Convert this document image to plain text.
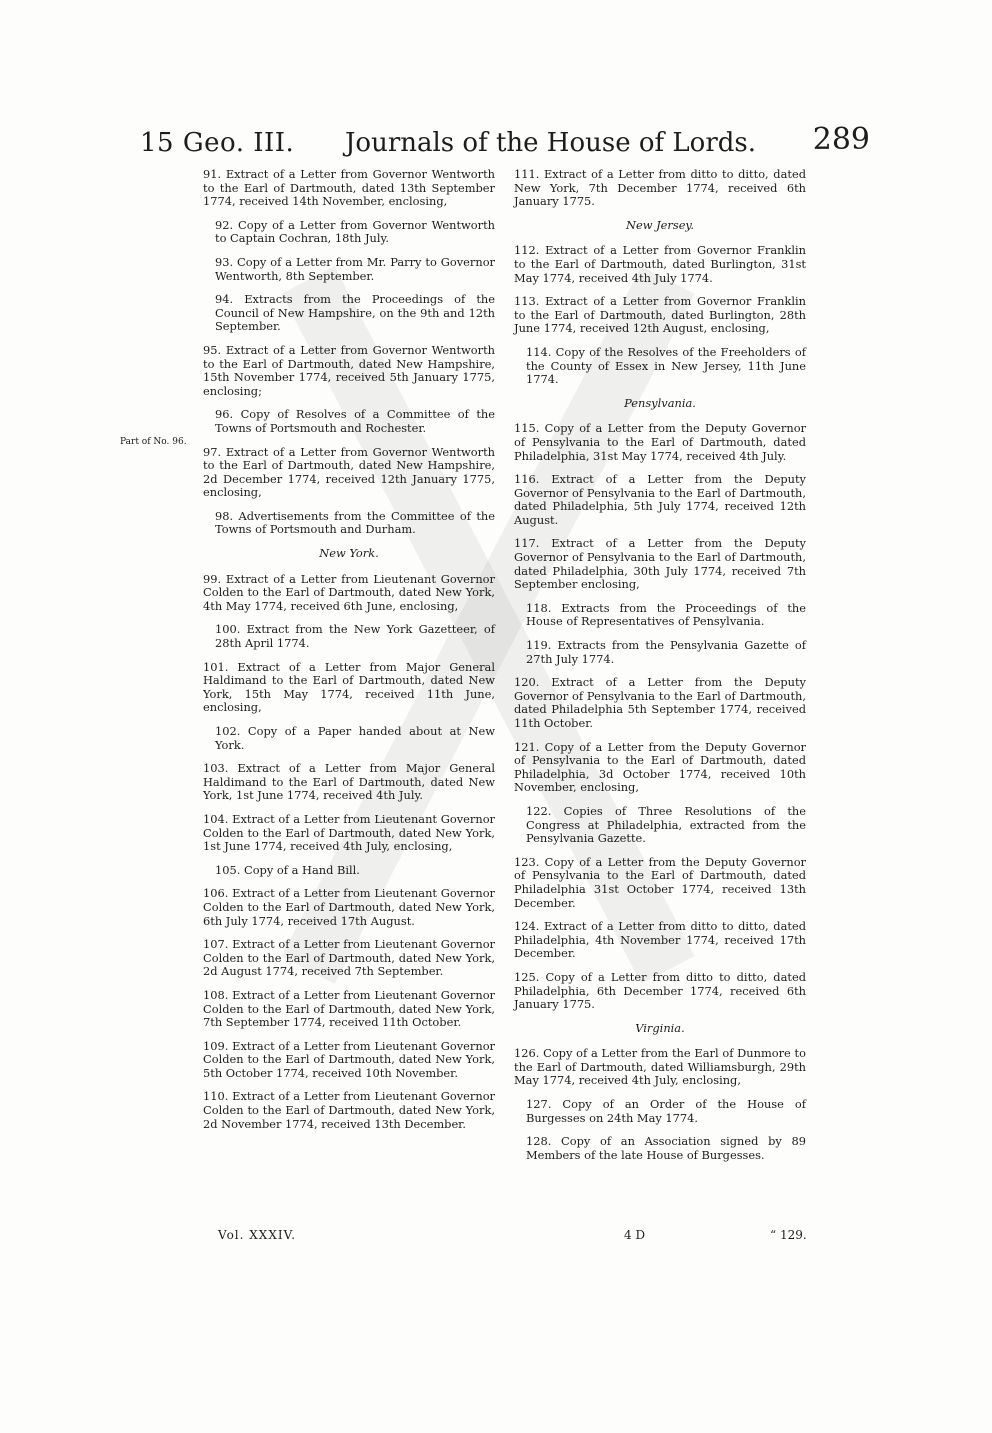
15 Geo. III. Journals of the House of Lords. 289
Part of No. 96.
91. Extract of a Letter from Governor Wentworth to the Earl of Dartmouth, dated 13th September 1774, received 14th November, enclosing,
92. Copy of a Letter from Governor Wentworth to Captain Cochran, 18th July.
93. Copy of a Letter from Mr. Parry to Governor Wentworth, 8th September.
94. Extracts from the Proceedings of the Council of New Hampshire, on the 9th and 12th September.
95. Extract of a Letter from Governor Wentworth to the Earl of Dartmouth, dated New Hampshire, 15th November 1774, received 5th January 1775, enclosing;
96. Copy of Resolves of a Committee of the Towns of Portsmouth and Rochester.
97. Extract of a Letter from Governor Wentworth to the Earl of Dartmouth, dated New Hampshire, 2d December 1774, received 12th January 1775, enclosing,
98. Advertisements from the Committee of the Towns of Portsmouth and Durham.
New York.
99. Extract of a Letter from Lieutenant Governor Colden to the Earl of Dartmouth, dated New York, 4th May 1774, received 6th June, enclosing,
100. Extract from the New York Gazetteer, of 28th April 1774.
101. Extract of a Letter from Major General Haldimand to the Earl of Dartmouth, dated New York, 15th May 1774, received 11th June, enclosing,
102. Copy of a Paper handed about at New York.
103. Extract of a Letter from Major General Haldimand to the Earl of Dartmouth, dated New York, 1st June 1774, received 4th July.
104. Extract of a Letter from Lieutenant Governor Colden to the Earl of Dartmouth, dated New York, 1st June 1774, received 4th July, enclosing,
105. Copy of a Hand Bill.
106. Extract of a Letter from Lieutenant Governor Colden to the Earl of Dartmouth, dated New York, 6th July 1774, received 17th August.
107. Extract of a Letter from Lieutenant Governor Colden to the Earl of Dartmouth, dated New York, 2d August 1774, received 7th September.
108. Extract of a Letter from Lieutenant Governor Colden to the Earl of Dartmouth, dated New York, 7th September 1774, received 11th October.
109. Extract of a Letter from Lieutenant Governor Colden to the Earl of Dartmouth, dated New York, 5th October 1774, received 10th November.
110. Extract of a Letter from Lieutenant Governor Colden to the Earl of Dartmouth, dated New York, 2d November 1774, received 13th December.
111. Extract of a Letter from ditto to ditto, dated New York, 7th December 1774, received 6th January 1775.
New Jersey.
112. Extract of a Letter from Governor Franklin to the Earl of Dartmouth, dated Burlington, 31st May 1774, received 4th July 1774.
113. Extract of a Letter from Governor Franklin to the Earl of Dartmouth, dated Burlington, 28th June 1774, received 12th August, enclosing,
114. Copy of the Resolves of the Freeholders of the County of Essex in New Jersey, 11th June 1774.
Pensylvania.
115. Copy of a Letter from the Deputy Governor of Pensylvania to the Earl of Dartmouth, dated Philadelphia, 31st May 1774, received 4th July.
116. Extract of a Letter from the Deputy Governor of Pensylvania to the Earl of Dartmouth, dated Philadelphia, 5th July 1774, received 12th August.
117. Extract of a Letter from the Deputy Governor of Pensylvania to the Earl of Dartmouth, dated Philadelphia, 30th July 1774, received 7th September enclosing,
118. Extracts from the Proceedings of the House of Representatives of Pensylvania.
119. Extracts from the Pensylvania Gazette of 27th July 1774.
120. Extract of a Letter from the Deputy Governor of Pensylvania to the Earl of Dartmouth, dated Philadelphia 5th September 1774, received 11th October.
121. Copy of a Letter from the Deputy Governor of Pensylvania to the Earl of Dartmouth, dated Philadelphia, 3d October 1774, received 10th November, enclosing,
122. Copies of Three Resolutions of the Congress at Philadelphia, extracted from the Pensylvania Gazette.
123. Copy of a Letter from the Deputy Governor of Pensylvania to the Earl of Dartmouth, dated Philadelphia 31st October 1774, received 13th December.
124. Extract of a Letter from ditto to ditto, dated Philadelphia, 4th November 1774, received 17th December.
125. Copy of a Letter from ditto to ditto, dated Philadelphia, 6th December 1774, received 6th January 1775.
Virginia.
126. Copy of a Letter from the Earl of Dunmore to the Earl of Dartmouth, dated Williamsburgh, 29th May 1774, received 4th July, enclosing,
127. Copy of an Order of the House of Burgesses on 24th May 1774.
128. Copy of an Association signed by 89 Members of the late House of Burgesses.
Vol. XXXIV.	4 D	“ 129.
